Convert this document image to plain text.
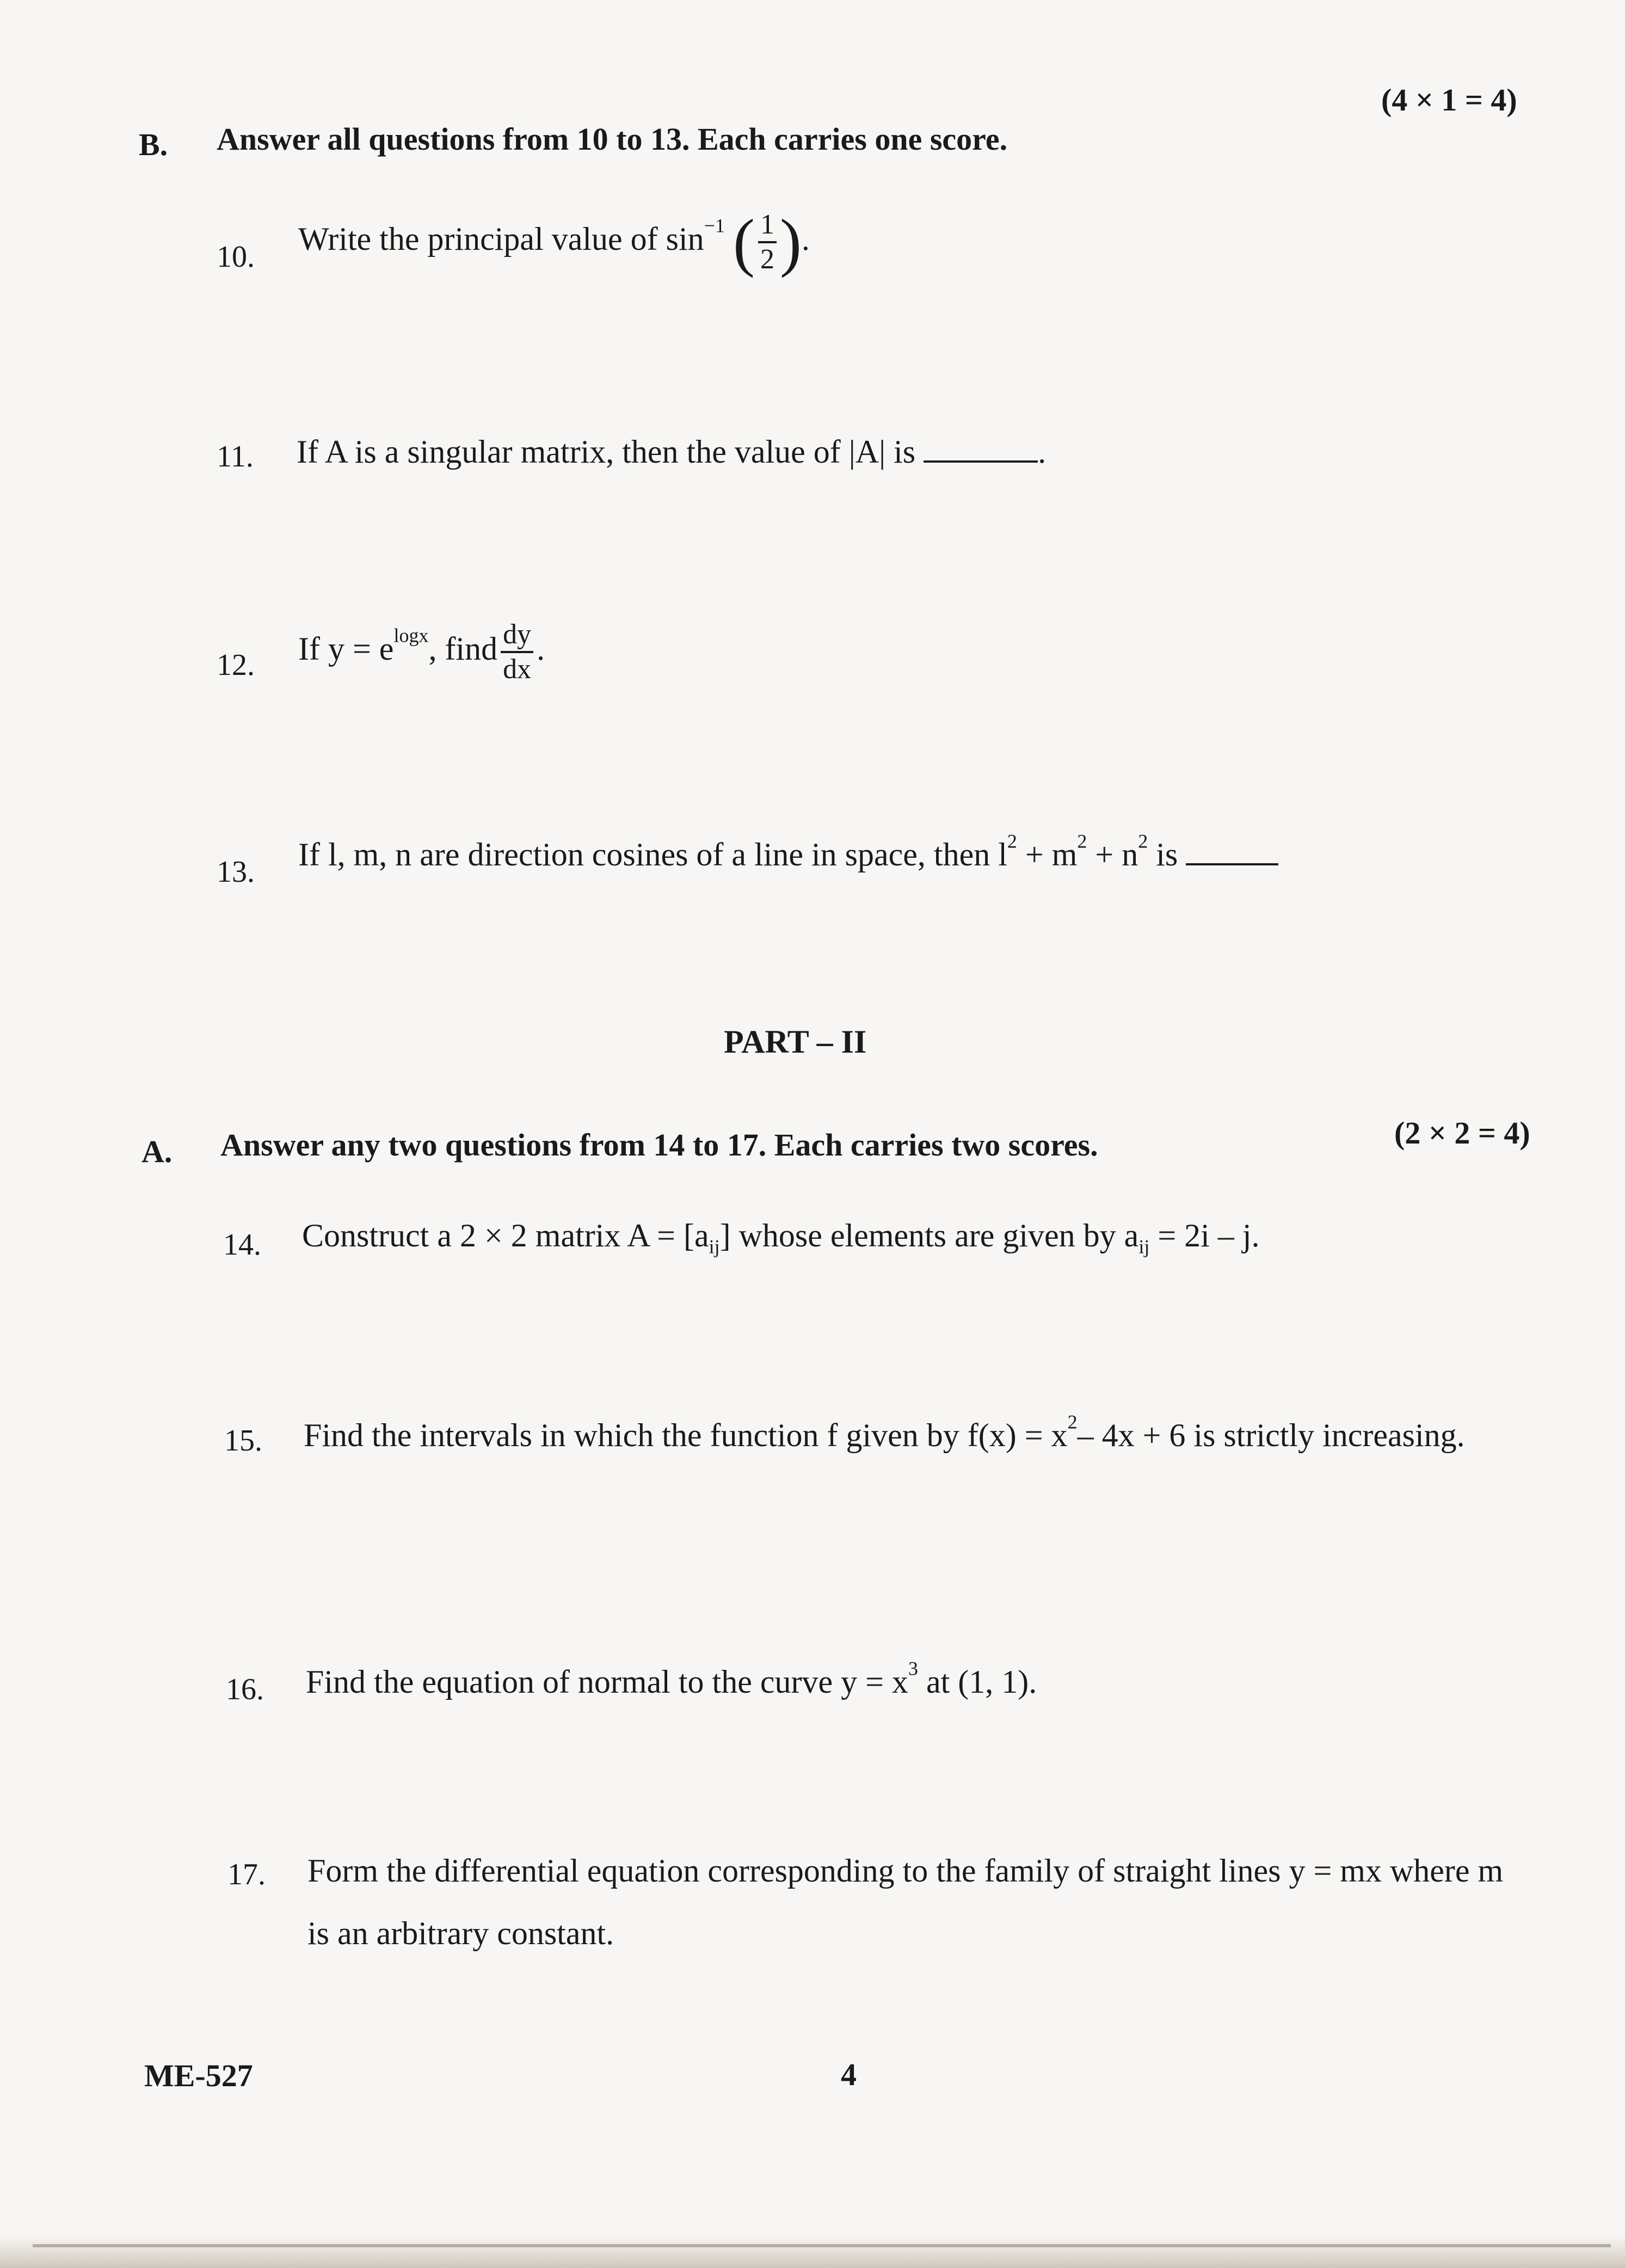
(4 × 1 = 4)
B. Answer all questions from 10 to 13. Each carries one score.
10.
Write the principal value of $\sin^{-1}$ ( $\frac{1}{2}$ ).
11. If A is a singular matrix, then the value of |A| is	.
12. If $y = e^{logx}$, find $\frac{dy}{dx}$ .
13. If l, m, n are direction cosines of a line in space, then $l^2 + m^2 + n^2$ is
PART – II
A. Answer any two questions from 14 to 17. Each carries two scores.	(2 × 2 = 4)
14. Construct a 2 × 2 matrix $A = [a_{ij}]$ whose elements are given by $a_{ij} = 2i - j$.
15. Find the intervals in which the function f given by $f(x) = x^2-$ 4x + 6 is strictly increasing.
16. Find the equation of normal to the curve $y = x^3$ at (1, 1).
17. Form the differential equation corresponding to the family of straight lines y = mx where m is an arbitrary constant.
ME-527	4
